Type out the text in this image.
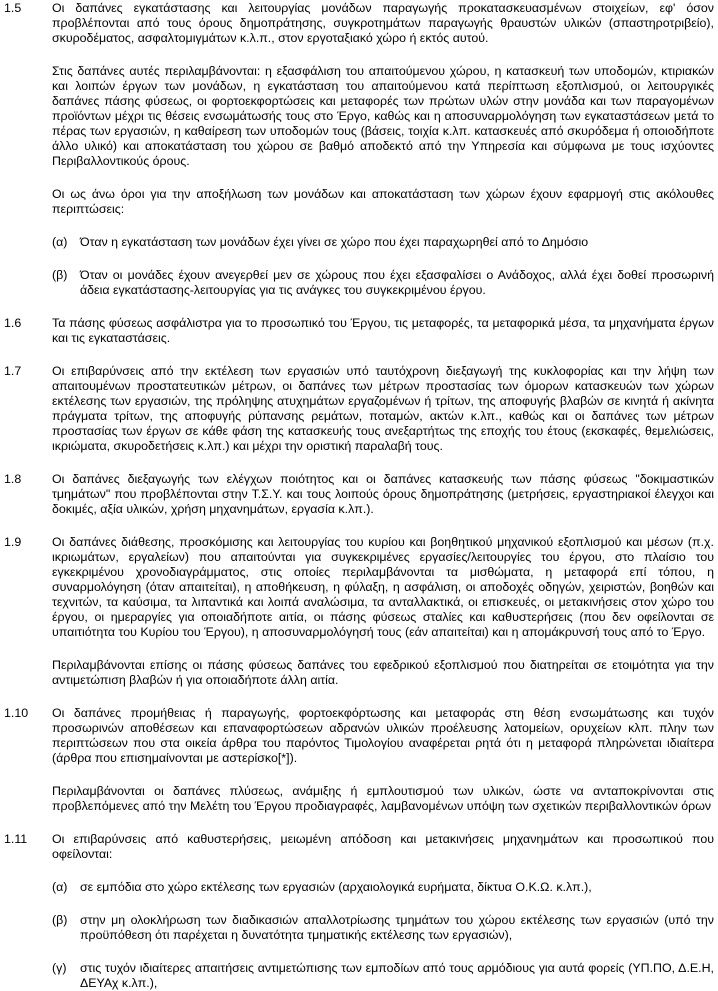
1.5	Οι δαπάνες εγκατάστασης και λειτουργίας μονάδων παραγωγής προκατασκευασμένων στοιχείων, εφ' όσον προβλέπονται από τους όρους δημοπράτησης, συγκροτημάτων παραγωγής θραυστών υλικών (σπαστηροτριβείο), σκυροδέματος, ασφαλτομιγμάτων κ.λ.π., στον εργοταξιακό χώρο ή εκτός αυτού.

Στις δαπάνες αυτές περιλαμβάνονται: η εξασφάλιση του απαιτούμενου χώρου, η κατασκευή των υποδομών, κτιριακών και λοιπών έργων των μονάδων, η εγκατάσταση του απαιτούμενου κατά περίπτωση εξοπλισμού, οι λειτουργικές δαπάνες πάσης φύσεως, οι φορτοεκφορτώσεις και μεταφορές των πρώτων υλών στην μονάδα και των παραγομένων προϊόντων μέχρι τις θέσεις ενσωμάτωσής τους στο Έργο, καθώς και η αποσυναρμολόγηση των εγκαταστάσεων μετά το πέρας των εργασιών, η καθαίρεση των υποδομών τους (βάσεις, τοιχία κ.λπ. κατασκευές από σκυρόδεμα ή οποιοδήποτε άλλο υλικό) και αποκατάσταση του χώρου σε βαθμό αποδεκτό από την Υπηρεσία και σύμφωνα με τους ισχύοντες Περιβαλλοντικούς όρους.

Οι ως άνω όροι για την αποξήλωση των μονάδων και αποκατάσταση των χώρων έχουν εφαρμογή στις ακόλουθες περιπτώσεις:

(α)	Όταν η εγκατάσταση των μονάδων έχει γίνει σε χώρο που έχει παραχωρηθεί από το Δημόσιο
(β)	Όταν οι μονάδες έχουν ανεγερθεί μεν σε χώρους που έχει εξασφαλίσει ο Ανάδοχος, αλλά έχει δοθεί προσωρινή άδεια εγκατάστασης-λειτουργίας για τις ανάγκες του συγκεκριμένου έργου.
1.6	Τα πάσης φύσεως ασφάλιστρα για το προσωπικό του Έργου, τις μεταφορές, τα μεταφορικά μέσα, τα μηχανήματα έργων και τις εγκαταστάσεις.

1.7	Οι επιβαρύνσεις από την εκτέλεση των εργασιών υπό ταυτόχρονη διεξαγωγή της κυκλοφορίας και την λήψη των απαιτουμένων προστατευτικών μέτρων, οι δαπάνες των μέτρων προστασίας των όμορων κατασκευών των χώρων εκτέλεσης των εργασιών, της πρόληψης ατυχημάτων εργαζομένων ή τρίτων, της αποφυγής βλαβών σε κινητά ή ακίνητα πράγματα τρίτων, της αποφυγής ρύπανσης ρεμάτων, ποταμών, ακτών κ.λπ., καθώς και οι δαπάνες των μέτρων προστασίας των έργων σε κάθε φάση της κατασκευής τους ανεξαρτήτως της εποχής του έτους (εκσκαφές, θεμελιώσεις, ικριώματα, σκυροδετήσεις κ.λπ.) και μέχρι την οριστική παραλαβή τους.

1.8	Οι δαπάνες διεξαγωγής των ελέγχων ποιότητος και οι δαπάνες κατασκευής των πάσης φύσεως "δοκιμαστικών τμημάτων" που προβλέπονται στην Τ.Σ.Υ. και τους λοιπούς όρους δημοπράτησης (μετρήσεις, εργαστηριακοί έλεγχοι και δοκιμές, αξία υλικών, χρήση μηχανημάτων, εργασία κ.λπ.).

1.9	Οι δαπάνες διάθεσης, προσκόμισης και λειτουργίας του κυρίου και βοηθητικού μηχανικού εξοπλισμού και μέσων (π.χ. ικριωμάτων, εργαλείων) που απαιτούνται για συγκεκριμένες εργασίες/λειτουργίες του έργου, στο πλαίσιο του εγκεκριμένου χρονοδιαγράμματος, στις οποίες περιλαμβάνονται τα μισθώματα, η μεταφορά επί τόπου, η συναρμολόγηση (όταν απαιτείται), η αποθήκευση, η φύλαξη, η ασφάλιση, οι αποδοχές οδηγών, χειριστών, βοηθών και τεχνιτών, τα καύσιμα, τα λιπαντικά και λοιπά αναλώσιμα, τα ανταλλακτικά, οι επισκευές, οι μετακινήσεις στον χώρο του έργου, οι ημεραργίες για οποιαδήποτε αιτία, οι πάσης φύσεως σταλίες και καθυστερήσεις (που δεν οφείλονται σε υπαιτιότητα του Κυρίου του Έργου), η αποσυναρμολόγησή τους (εάν απαιτείται) και η απομάκρυνσή τους από το Έργο.

Περιλαμβάνονται επίσης οι πάσης φύσεως δαπάνες του εφεδρικού εξοπλισμού που διατηρείται σε ετοιμότητα για την αντιμετώπιση βλαβών ή για οποιαδήποτε άλλη αιτία.

1.10	Οι δαπάνες προμήθειας ή παραγωγής, φορτοεκφόρτωσης και μεταφοράς στη θέση ενσωμάτωσης και τυχόν προσωρινών αποθέσεων και επαναφορτώσεων αδρανών υλικών προέλευσης λατομείων, ορυχείων κλπ. πλην των περιπτώσεων που στα οικεία άρθρα του παρόντος Τιμολογίου αναφέρεται ρητά ότι η μεταφορά πληρώνεται ιδιαίτερα (άρθρα που επισημαίνονται με αστερίσκο[*]).

Περιλαμβάνονται οι δαπάνες πλύσεως, ανάμιξης ή εμπλουτισμού των υλικών, ώστε να ανταποκρίνονται στις προβλεπόμενες από την Μελέτη του Έργου προδιαγραφές, λαμβανομένων υπόψη των σχετικών περιβαλλοντικών όρων

1.11	Οι επιβαρύνσεις από καθυστερήσεις, μειωμένη απόδοση και μετακινήσεις μηχανημάτων και προσωπικού που οφείλονται:

(α)	σε εμπόδια στο χώρο εκτέλεσης των εργασιών (αρχαιολογικά ευρήματα, δίκτυα Ο.Κ.Ω. κ.λπ.),
(β)	στην μη ολοκλήρωση των διαδικασιών απαλλοτρίωσης τμημάτων του χώρου εκτέλεσης των εργασιών (υπό την προϋπόθεση ότι παρέχεται η δυνατότητα τμηματικής εκτέλεσης των εργασιών),
(γ)	στις τυχόν ιδιαίτερες απαιτήσεις αντιμετώπισης των εμποδίων από τους αρμόδιους για αυτά φορείς (ΥΠ.ΠΟ, Δ.Ε.Η, ΔΕΥΑχ κ.λπ.),
